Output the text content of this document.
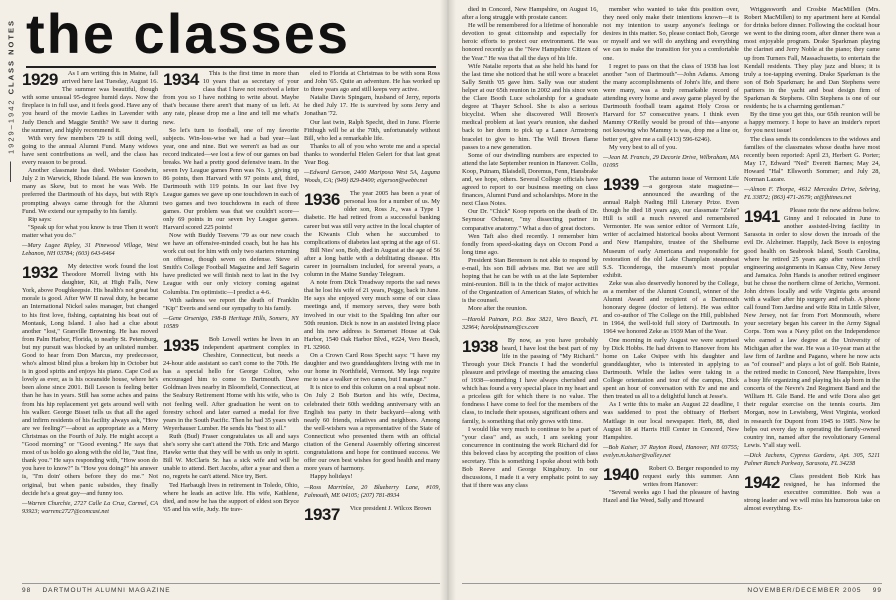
1929–1942 CLASS NOTES the classes
1929	As I am writing this in Maine, fall arrived here last Tuesday, August 16. The summer was beautiful, though with some unusual 95-degree humid days. Now the fireplace is in full use, and it feels good. Have any of you heard of the movie Ladies in Lavender with Judy Dench and Maggie Smith? We saw it during the summer, and highly recommend it.

With very few members '29 is still doing well, going to the annual Alumni Fund. Many widows have sent contributions as well, and the class has every reason to be proud.

Another classmate has died. Webster Goodwin, July 2 in Warwick, Rhode Island. He was known to many as Skew, but to most he was Web. He preferred the Dartmouth of his days, but with Rip's prompting always came through for the Alumni Fund. We extend our sympathy to his family.

Rip says:

"Speak up for what you know is true Then it won't matter what you do."

—Mary Lugee Ripley, 31 Pinewood Village, West Lebanon, NH 03784; (603) 643-6464
1932	My detective work found the lost Theodore Morrell living with his daughter, Kit, at High Falls, New York, above Poughkeepsie. His health's not great but morale is good. After WW II naval duty, he became an International Nickel sales manager, but changed to his first love, fishing, captaining his boat out of Montauk, Long Island. I also had a clue about another "lost," Granville Browning. He has moved from Palm Harbor, Florida, to nearby St. Petersburg, but my pursuit was blocked by an unlisted number. Good to hear from Don Marcus, my predecessor, who's almost blind plus a broken hip in October but is in good spirits and enjoys his piano. Cape Cod as lovely as ever, as is his oceanside house, where he's been alone since 2001. Bill Leeson is feeling better than he has in years. Still has some aches and pains from his hip replacement yet gets around well with his walker. George Bisset tells us that all the aged and infirm residents of his facility always ask, "How are we feeling?"—about as appropriate as a Merry Christmas on the Fourth of July. He might accept a "Good morning" or "Good evening." He says that most of us holdo go along with the old lie, "Just fine, thank you." He says responding with, "How soon do you have to know?" Is "How you doing?" his answer is, "I'm doin' others before they do me." Not original, but when panic subsides, they finally decide he's a great guy—and funny too.

—Warren Churchie, 2727 Calle La Cruz, Carmel, CA 93923; warrenc2727@comcast.net
1934	This is the first time in more than 10 years that as secretary of your class that I have not received a letter from you so I have nothing to write about. Maybe that's because there aren't that many of us left. At any rate, please drop me a line and tell me what's new.

So let's turn to football, one of my favorite subjects. Win-loss-wise we had a bad year—last year, one and nine. But we weren't as bad as our record indicated—we lost a few of our games on bad breaks. We had a pretty good defensive team. In the seven Ivy League games Penn was No. 1, giving up 86 points, then Harvard with 97 points and, third, Dartmouth with 119 points. In our last five Ivy League games we gave up one touchdown in each of two games and two touchdowns in each of three games. Our problem was that we couldn't score—only 69 points in our seven Ivy League games. Harvard scored 225 points!

Now with Buddy Teevens '79 as our new coach we have an offensive-minded coach, but he has his work cut out for him with only two starters returning on offense, though seven on defense. Steve el Smith's College Football Magazine and Jeff Sagarin have predicted we will finish next to last in the Ivy League with our only victory coming against Columbia. I'm optimistic—I predict a 4-6.

With sadness we report the death of Franklin "Kip" Everts and send our sympathy to his family.

—Gene Orsenigo, 198-B Heritage Hills, Somers, NY 10589
1935	Bob Lowell writes he lives in an independent apartment complex in Cheshire, Connecticut, but needs a 24-hour aide assistant so can't come to the 70th. He has a special hello for George Colton, who encouraged him to come to Dartmouth. Dave Goldman lives nearby in Bloomfield, Connecticut, at the Seabury Retirement Home with his wife, who is not feeling well. After graduation he went on to forestry school and later earned a medal for five years in the South Pacific. Then he had 35 years with Weyerhauser Lumber. He sends his "best to all."

Ruth (Bud) Fraser congratulates us all and says she's sorry she can't attend the 70th. Eric and Margo Hawke write that they will be with us only in spirit. Bill W. McClaris Sr. has a sick wife and will be unable to attend. Bert Jacobs, after a year and then a no, regrets he can't attend. Nice try, Bert.

Ted Harbaugh lives in retirement in Toledo, Ohio, where he leads an active life. His wife, Kathlene, died, and now he has the support of eldest son Bryce '65 and his wife, Judy. He trav-

eled to Florida at Christmas to be with sons Ross and John '65. Quite an adventure. He has worked up to three years ago and still keeps very active.

Natalie Davis Spingarn, husband of Jerry, reports he died July 17. He is survived by sons Jerry and Jonathan '72.

Our last twin, Ralph Specht, died in June. Florrie Fitthugh will be at the 70th, unfortunately without Bill, who led a remarkable life.

Thanks to all of you who wrote me and a special thanks to wonderful Helen Gelert for that last great Year Bog.

—Edward Gerson, 2400 Mariposa West 5A, Laguna Woods, CA; (949) 829-8400; eigerson@webtv.net
1936	The year 2005 has been a year of personal loss for a number of us. My older son, Ross Jr., was a Type 1 diabetic. He had retired from a successful banking career but was still very active in the local chapter of the Kiwanis Club when he succumbed to complications of diabetes last spring at the age of 61.

Bill Nies' son, Bob, died in August at the age of 56 after a long battle with a debilitating disease. His career in journalism included, for several years, a column in the Maine Sunday Telegram.

A note from Dick Treadway reports the sad news that he lost his wife of 21 years, Peggy, back in June. He says she enjoyed very much some of our class meetings and, if memory serves, they were both involved in our visit to the Spalding Inn after our 50th reunion. Dick is now in an assisted living place and his new address is Somerset House at Oak Harbor, 1540 Oak Harbor Blvd., #224, Vero Beach, FL 32960.

On a Crown Card Ross Specht says: "I have my daughter and two granddaughters living with me in our home in Northfield, Vermont. My legs require me to use a walker or two canes, but I manage."

It is nice to end this column on a real upbeat note. On July 2 Bob Burton and his wife, Decima, celebrated their 60th wedding anniversary with an English tea party in their backyard—along with nearly 60 friends, relatives and neighbors. Among the well-wishers was a representative of the State of Connecticut who presented them with an official citation of the General Assembly offering sincerest congratulations and hope for continued success. We offer our own best wishes for good health and many more years of harmony.

Happy holidays!

—Ross Marrinlee, 20 Blueberry Lane, #109, Falmouth, ME 04105; (207) 781-8934
1937	Vice president J. Wilcox Brown

98 DARTMOUTH ALUMNI MAGAZINE

died in Concord, New Hampshire, on August 16, after a long struggle with prostate cancer.

He will be remembered for a lifetime of honorable devotion to great citizenship and especially for heroic efforts to protect our environment. He was honored recently as the "New Hampshire Citizen of the Year." He was that all the days of his life.

Wife Natalie reports that as she held his hand for the last time she noticed that he still wore a bracelet Sally Smith '05 gave him. Sally was our student helper at our 65th reunion in 2002 and his since won the Clare Booth Luce scholarship for a graduate degree at Thayer School. She is also a serious bicyclist. When she discovered Will Brown's medical problem at last year's reunion, she dashed back to her dorm to pick up a Lance Armstrong bracelet to give to him. The Will Brown flame passes to a new generation.

Some of our dwindling numbers are expected to attend the late September reunion in Hanover. Collis, Koop, Putnam, Blaisdell, Doremus, Fenn, Hansbrake and, we hope, others. Several College officials have agreed to report to our business meeting on class finances, Alumni Fund and scholarships. More in the next Class Notes.

Our Dr. "Chick" Koop reports on the death of Dr. Seymour Ochsner, "my dissecting partner in comparative anatomy." What a duo of great doctors.

Wen Taft also died recently. I remember him fondly from speed-skating days on Occom Pond a long time ago.

President Stan Berenson is not able to respond by e-mail, his son Bill advises me. But we are still hoping that he can be with us at the late September mini-reunion. Bill is in the thick of major activities of the Organization of American States, of which he is the counsel.

More after the reunion.

—Harold Putnam, P.O. Box 3821, Vero Beach, FL 32964; haroldputnam@cs.com
1938	By now, as you have probably heard, I have lost the best part of my life in the passing of "My Richard." Through your Dick Francis I had the wonderful pleasure and privilege of meeting the amazing class of 1938—something I have always cherished and which has found a very special place in my heart and a priceless gift for which there is no value. The fondness I have come to feel for the members of the class, to include their spouses, significant others and family, is something that only grows with time.

I would like very much to continue to be a part of "your class" and, as such, I am seeking your concurrence in continuing the work Richard did for this beloved class by accepting the position of class secretary. This is something I spoke about with both Bob Reeve and George Kingsbury. In our discussions, I made it a very emphatic point to say that if there was any class

member who wanted to take this position over, they need only make their intentions known—it is not my intention to usurp anyone's feelings or desires in this matter. So, please contact Bob, George or myself and we will do anything and everything we can to make the transition for you a comfortable one.

I regret to pass on that the class of 1938 has lost another "son of Dartmouth"—John Adams. Among the many accomplishments of John's life, and there were many, was a truly remarkable record of attending every home and away game played by the Dartmouth football team against Holy Cross or Harvard for 57 consecutive years. I think even Mammy O'Reilly would be proud of this—anyone not knowing who Mammy is was, drop me a line or, better yet, give me a call (413) 596-6246).

My very best to all of you.

—Jean M. Francis, 29 Decorie Drive, Wilbraham, MA 01095
1939	The autumn issue of Vermont Life—a gorgeous state magazine—announced the awarding of the annual Ralph Nading Hill Literary Prize. Even though he died 18 years ago, our classmate "Zeke" Hill is still a much revered and remembered Vermonter. He was senior editor of Vermont Life, writer of acclaimed historical books about Vermont and New Hampshire, trustee of the Shelburne Museum of early Americana and responsible for restoration of the old Lake Champlain steamboat S.S. Ticonderoga, the museum's most popular exhibit.

Zeke was also deservedly honored by the College, as a member of the Alumni Council, winner of the Alumni Award and recipient of a Dartmouth honorary degree (doctor of letters). He was editor and co-author of The College on the Hill, published in 1964, the well-told full story of Dartmouth. In 1964 we honored Zeke as 1939 Man of the Year.

One morning in early August we were surprised by Dick Hobbs. He had driven to Hanover from his home on Lake Osipee with his daughter and granddaughter, who is interested in applying to Dartmouth. While the ladies were taking in a College orientation and tour of the campus, Dick spent an hour of conversation with Ev and me and then treated us all to a delightful lunch at Jesse's.

As I write this to make an August 22 deadline, I was saddened to post the obituary of Herbert Mattlage in our local newspaper. Herb, 88, died August 18 at Harris Hill Center in Concord, New Hampshire.

—Bob Kaiser, 37 Rayton Road, Hanover, NH 03755; evelyn.m.kaiser@valley.net
1940	Robert O. Berger responded to my request early this summer. Ann writes from Hanover:

"Several weeks ago I had the pleasure of having Hazel and Ike Weed, Sally and Howard

Wriggesworth and Crosbie MacMillen (Mrs. Robert MacMillen) to my apartment here at Kendal for drinks before dinner. Following the cocktail hour we went to the dining room, after dinner there was a most enjoyable program. Drake Sparkman playing the clarinet and Jerry Noble at the piano; they came up from Turners Fall, Massachusetts, to entertain the Kendall residents. They play jazz and blues; it is truly a toe-tapping evening. Drake Sparkman is the son of Bob Sparkman; he and Dan Stephens were partners in the yacht and boat design firm of Sparkman & Stephens. Olin Stephens is one of our residents; he is a charming gentleman."

By the time you get this, our 65th reunion will be a happy memory. I hope to have an insider's report for you next issue!

The class sends its condolences to the widows and families of the classmates whose deaths have most recently been reported: April 23, Herbert G. Porter; May 17, Edward "Ned" Everett Barnes; May 24, Howard "Hal" Ellsworth Sommer; and July 28, Norman Lazare.

—Almon F. Thorpe, 4612 Mercedes Drive, Sebring, FL 33872; (863) 471-2679; at@fhtimes.net
1941	Please note the new address below. Ginny and I relocated in June to another assisted-living facility in Sarasota in order to slow down the inroads of the evil Dr. Alzheimer. Happily, Jack Bove is enjoying good health on Seabrook Island, South Carolina, where he retired 25 years ago after various civil engineering assignments in Kansas City, New Jersey and Jamaica. John Hands is another retired engineer but he chose the northern clime of Jericho, Vermont. John drives locally and wife Virginia gets around with a walker after hip surgery and rehab. A phone call found Tom Jardine and wife Rita in Little Silver, New Jersey, not far from Fort Monmouth, where your secretary began his career in the Army Signal Corps. Tom was a Navy pilot on the Independence who earned a law degree at the University of Michigan after the war. He was a 10-year man at the law firm of Jardine and Pagano, where he now acts as "of counsel" and plays a lot of golf. Bob Rainie, the retired medic in Concord, New Hampshire, lives a busy life organizing and playing his alp horn in the concerts of the Nevre's 2nd Regiment Band and the William H. Gile Band. He and wife Dora also get their regular exercise on the tennis courts. Jim Morgan, now in Lewisberg, West Virginia, worked in research for Dupont from 1945 to 1985. Now he helps out every day in operating the family-owned country inn, named after the revolutionary General Lewis. Y'all stay well.

—Dick Jachens, Cypress Gardens, Apt. 305, 5211 Palmer Ranch Parkway, Sarasota, FL 34238
1942	Class president Bob Kirk has resigned, he has informed the executive committee. Bob was a strong leader and we will miss his humorous take on almost everything. Ex-

NOVEMBER/DECEMBER 2005 99
